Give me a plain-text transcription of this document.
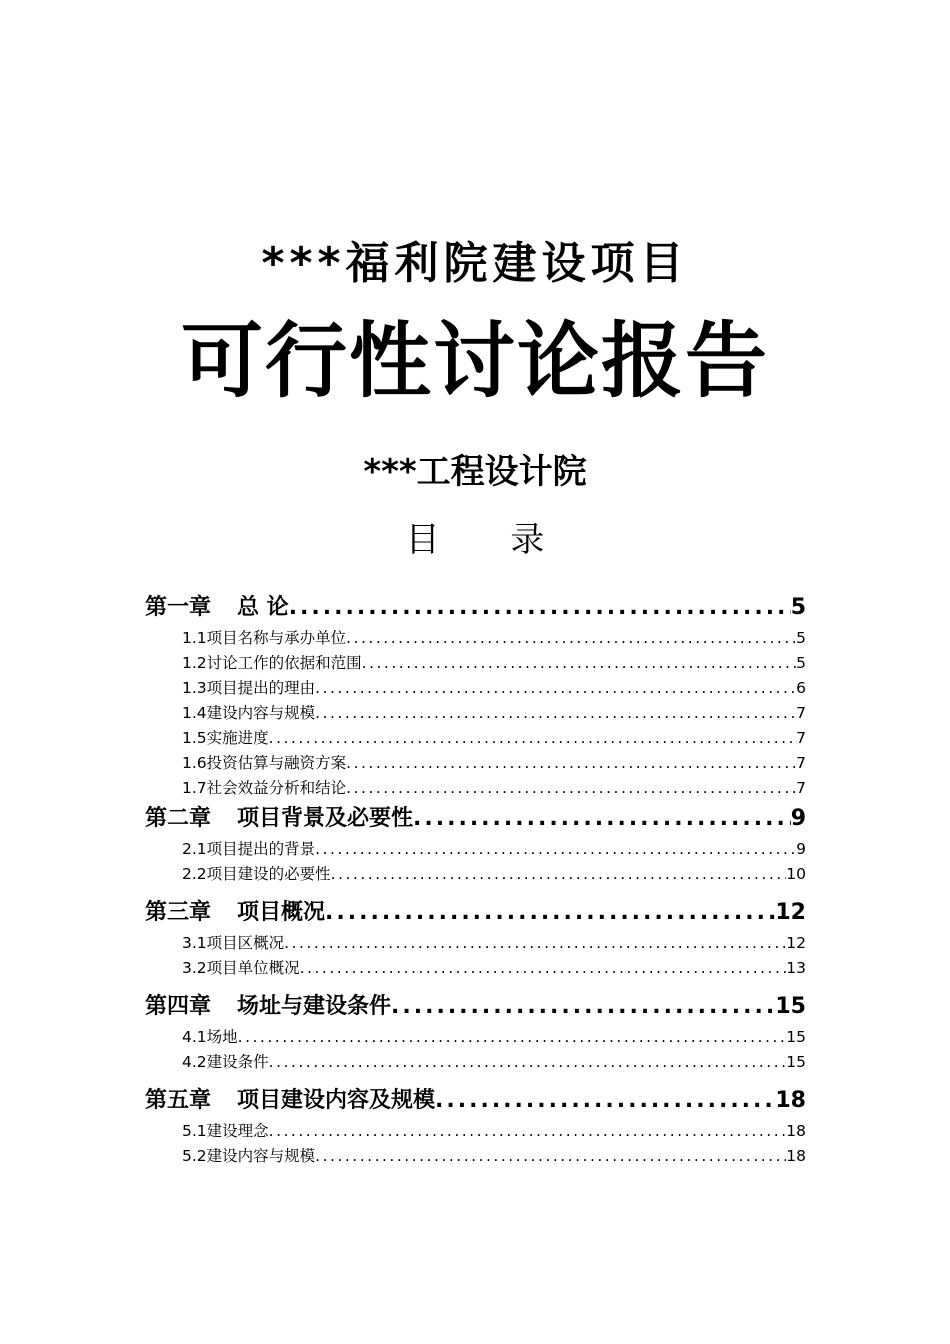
***福利院建设项目
可行性讨论报告
***工程设计院
目 录
第一章 总 论 .....	5
1.1项目名称与承办单位 .....	5
1.2讨论工作的依据和范围 .....	5
1.3项目提出的理由 .....	6
1.4建设内容与规模 .....	7
1.5实施进度 .....	7
1.6投资估算与融资方案 .....	7
1.7社会效益分析和结论 .....	7
第二章 项目背景及必要性 .....	9
2.1项目提出的背景 .....	9
2.2项目建设的必要性 .....	10
第三章 项目概况 .....	12
3.1项目区概况 .....	12
3.2项目单位概况 .....	13
第四章 场址与建设条件 .....	15
4.1场地 .....	15
4.2建设条件 .....	15
第五章 项目建设内容及规模 .....	18
5.1建设理念 .....	18
5.2建设内容与规模 .....	18
